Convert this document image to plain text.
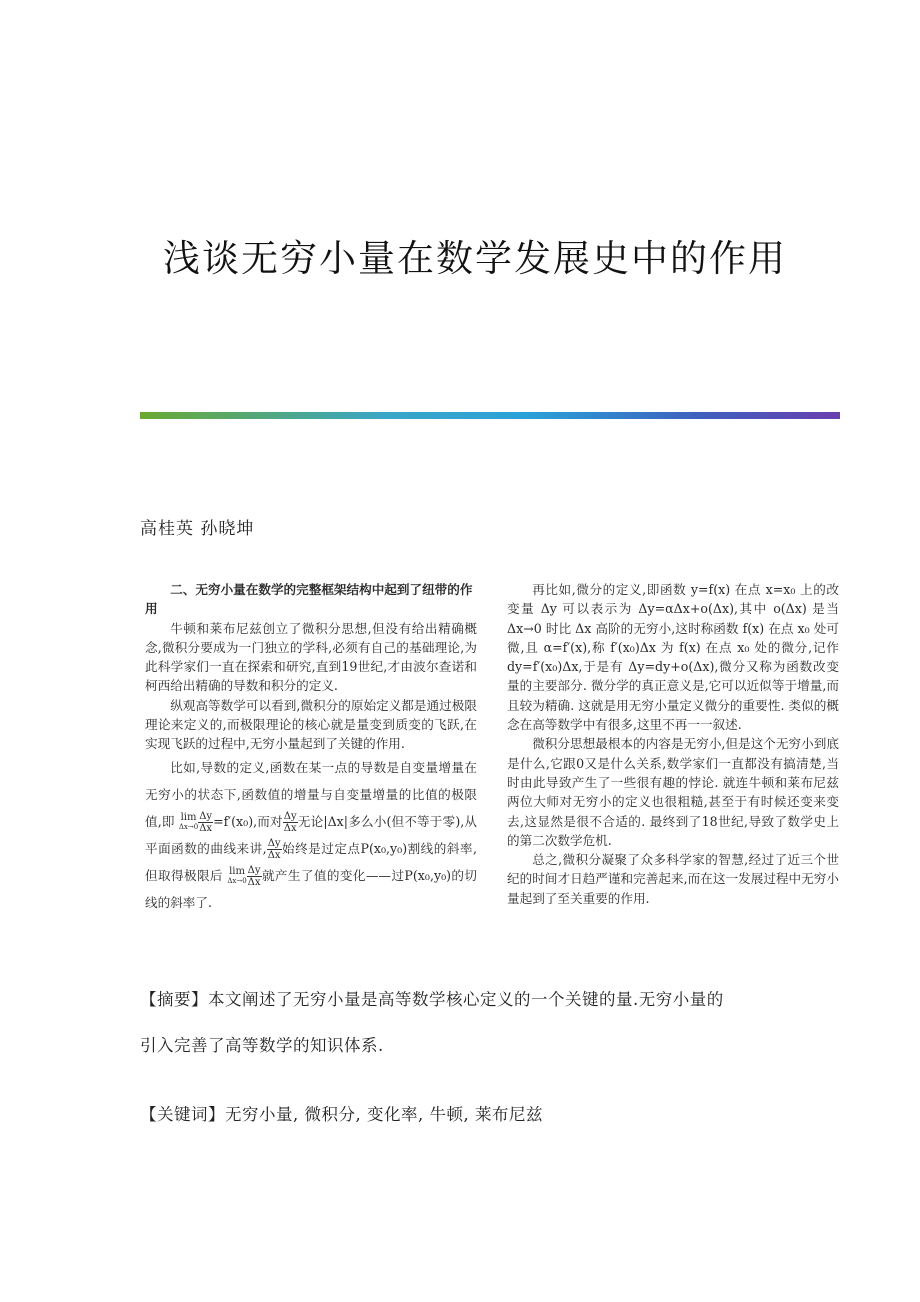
浅谈无穷小量在数学发展史中的作用
高桂英 孙晓坤
二、无穷小量在数学的完整框架结构中起到了纽带的作用

牛顿和莱布尼兹创立了微积分思想,但没有给出精确概念,微积分要成为一门独立的学科,必须有自己的基础理论,为此科学家们一直在探索和研究,直到19世纪,才由波尔查诺和柯西给出精确的导数和积分的定义.

纵观高等数学可以看到,微积分的原始定义都是通过极限理论来定义的,而极限理论的核心就是量变到质变的飞跃,在实现飞跃的过程中,无穷小量起到了关键的作用.

比如,导数的定义,函数在某一点的导数是自变量增量在无穷小的状态下,函数值的增量与自变量增量的比值的极限值,即 lim
$\Delta x\to 0 \frac{\Delta y}{\Delta x} =f'(x_0)$,而对 $\frac{\Delta y}{\Delta x}$ 无论|Δx|多么小(但不等于零),从平面函数的曲线来讲, $\frac{\Delta y}{\Delta x}$ 始终是过定点P(x₀,y₀)割线的斜率,但取得极限后 lim
$\Delta x\to 0 \frac{\Delta y}{\Delta x}$ 就产生了值的变化——过P(x₀,y₀)的切线的斜率了.

再比如,微分的定义,即函数 y=f(x) 在点 x=x₀ 上的改变量 Δy 可以表示为 Δy=αΔx+o(Δx),其中 o(Δx) 是当 Δx→0 时比 Δx 高阶的无穷小,这时称函数 f(x) 在点 x₀ 处可微,且 α=f′(x),称 f′(x₀)Δx 为 f(x) 在点 x₀ 处的微分,记作 dy=f′(x₀)Δx,于是有 Δy=dy+o(Δx),微分又称为函数改变量的主要部分. 微分学的真正意义是,它可以近似等于增量,而且较为精确. 这就是用无穷小量定义微分的重要性. 类似的概念在高等数学中有很多,这里不再一一叙述.

微积分思想最根本的内容是无穷小,但是这个无穷小到底是什么,它跟0又是什么关系,数学家们一直都没有搞清楚,当时由此导致产生了一些很有趣的悖论. 就连牛顿和莱布尼兹两位大师对无穷小的定义也很粗糙,甚至于有时候还变来变去,这显然是很不合适的. 最终到了18世纪,导致了数学史上的第二次数学危机.

总之,微积分凝聚了众多科学家的智慧,经过了近三个世纪的时间才日趋严谨和完善起来,而在这一发展过程中无穷小量起到了至关重要的作用.

【摘要】本文阐述了无穷小量是高等数学核心定义的一个关键的量.无穷小量的
引入完善了高等数学的知识体系.
【关键词】无穷小量, 微积分, 变化率, 牛顿, 莱布尼兹
